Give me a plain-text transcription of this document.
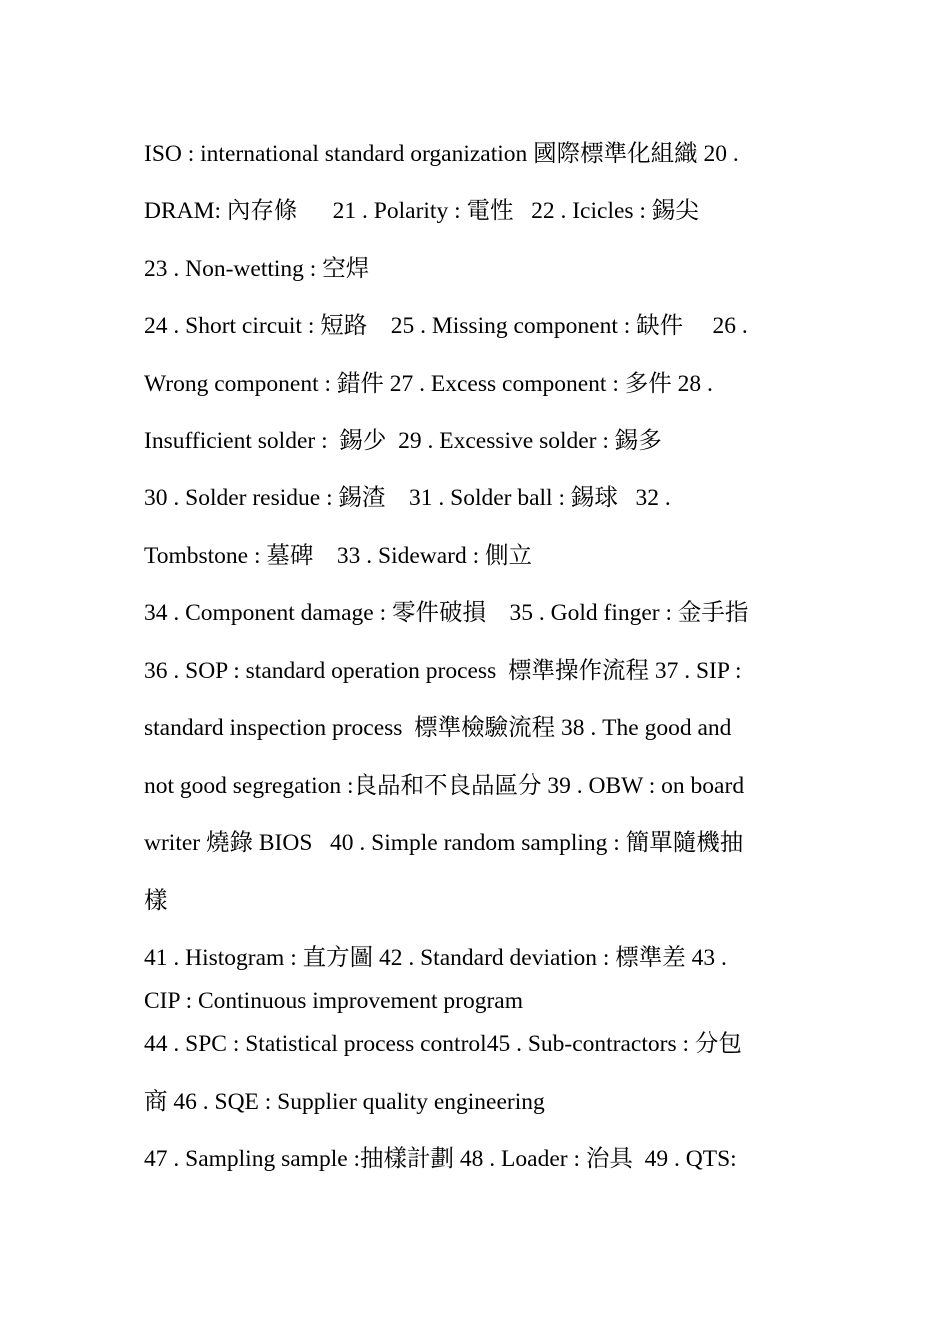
ISO : international standard organization 國際標準化組織 20 .
DRAM: 內存條      21 . Polarity : 電性   22 . Icicles : 錫尖
23 . Non-wetting : 空焊
24 . Short circuit : 短路    25 . Missing component : 缺件     26 .
Wrong component : 錯件 27 . Excess component : 多件 28 .
Insufficient solder :  錫少  29 . Excessive solder : 錫多
30 . Solder residue : 錫渣    31 . Solder ball : 錫球   32 .
Tombstone : 墓碑    33 . Sideward : 側立
34 . Component damage : 零件破損    35 . Gold finger : 金手指
36 . SOP : standard operation process  標準操作流程 37 . SIP :
standard inspection process  標準檢驗流程 38 . The good and
not good segregation :良品和不良品區分 39 . OBW : on board
writer 燒錄 BIOS   40 . Simple random sampling : 簡單隨機抽
樣
41 . Histogram : 直方圖 42 . Standard deviation : 標準差 43 .
CIP : Continuous improvement program
44 . SPC : Statistical process control45 . Sub-contractors : 分包
商 46 . SQE : Supplier quality engineering
47 . Sampling sample :抽樣計劃 48 . Loader : 治具  49 . QTS:
